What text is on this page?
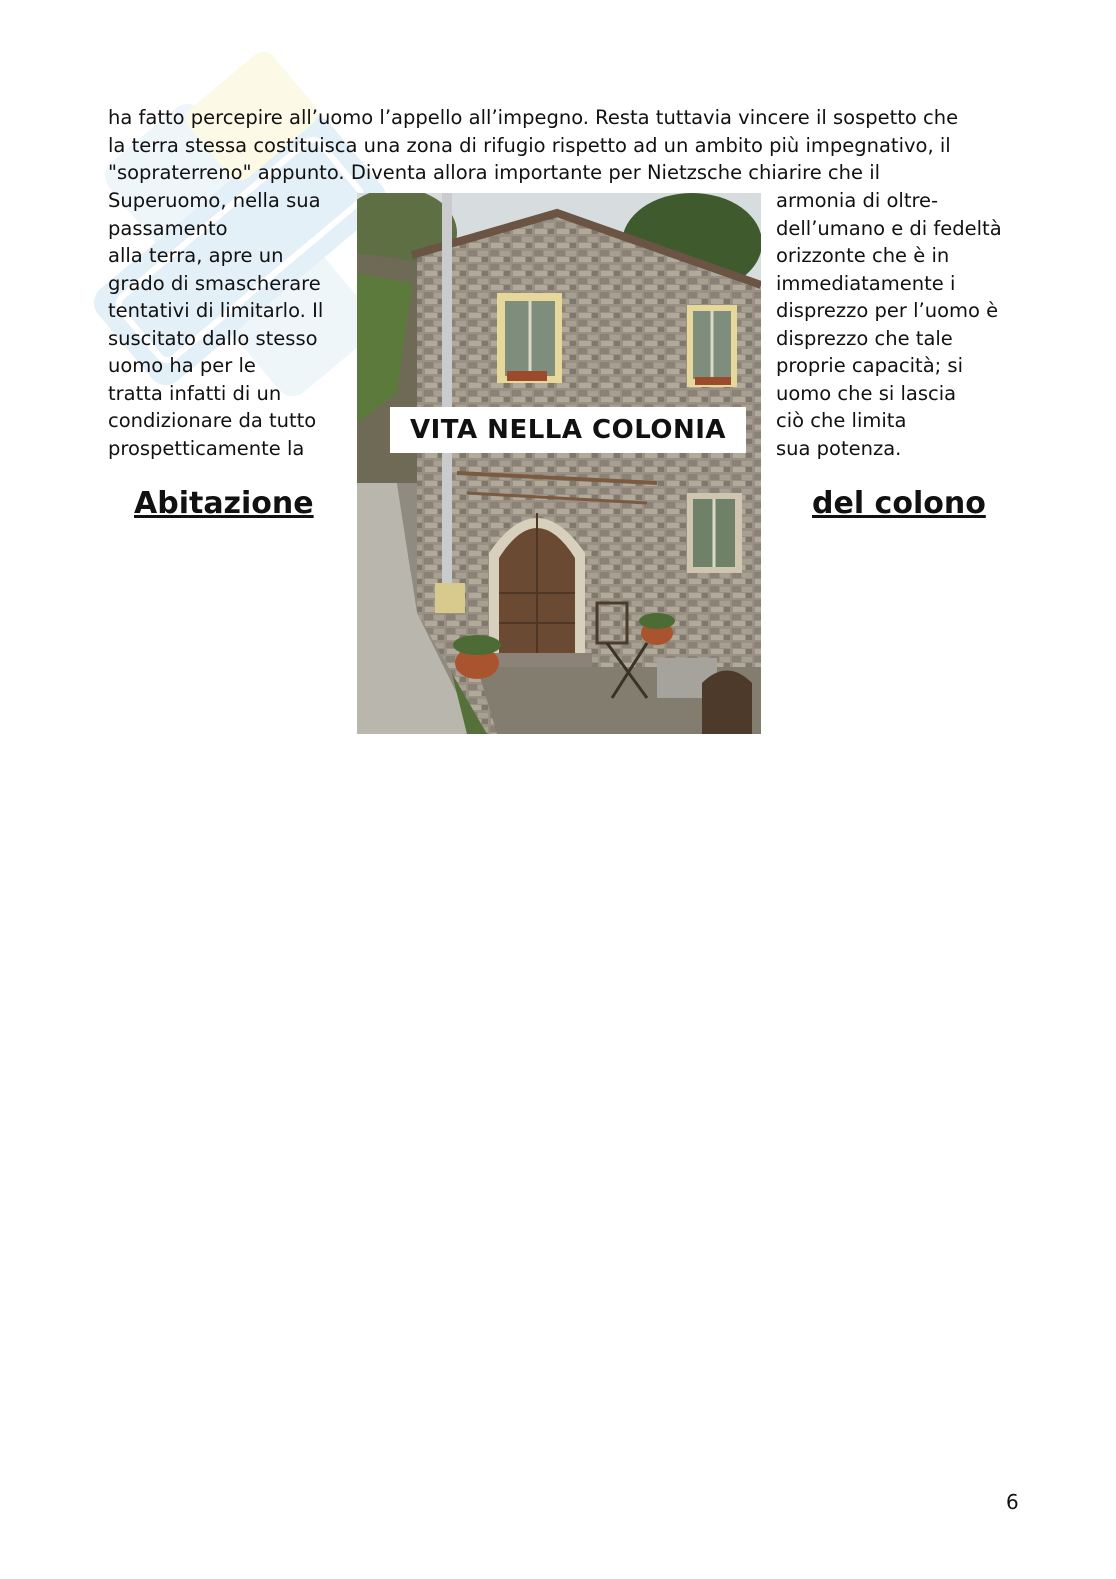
ha fatto percepire all’uomo l’appello all’impegno. Resta tuttavia vincere il sospetto che
la terra stessa costituisca una zona di rifugio rispetto ad un ambito più impegnativo, il
"sopraterreno" appunto. Diventa allora importante per Nietzsche chiarire che il
Superuomo, nella sua
passamento
alla terra, apre un
grado di smascherare
tentativi di limitarlo. Il
suscitato dallo stesso
uomo ha per le
tratta infatti di un
condizionare da tutto
prospetticamente la
armonia di oltre-
dell’umano e di fedeltà
orizzonte che è in
immediatamente i
disprezzo per l’uomo è
disprezzo che tale
proprie capacità; si
uomo che si lascia
ciò che limita
sua potenza.
VITA NELLA COLONIA
Abitazione	del colono
6
